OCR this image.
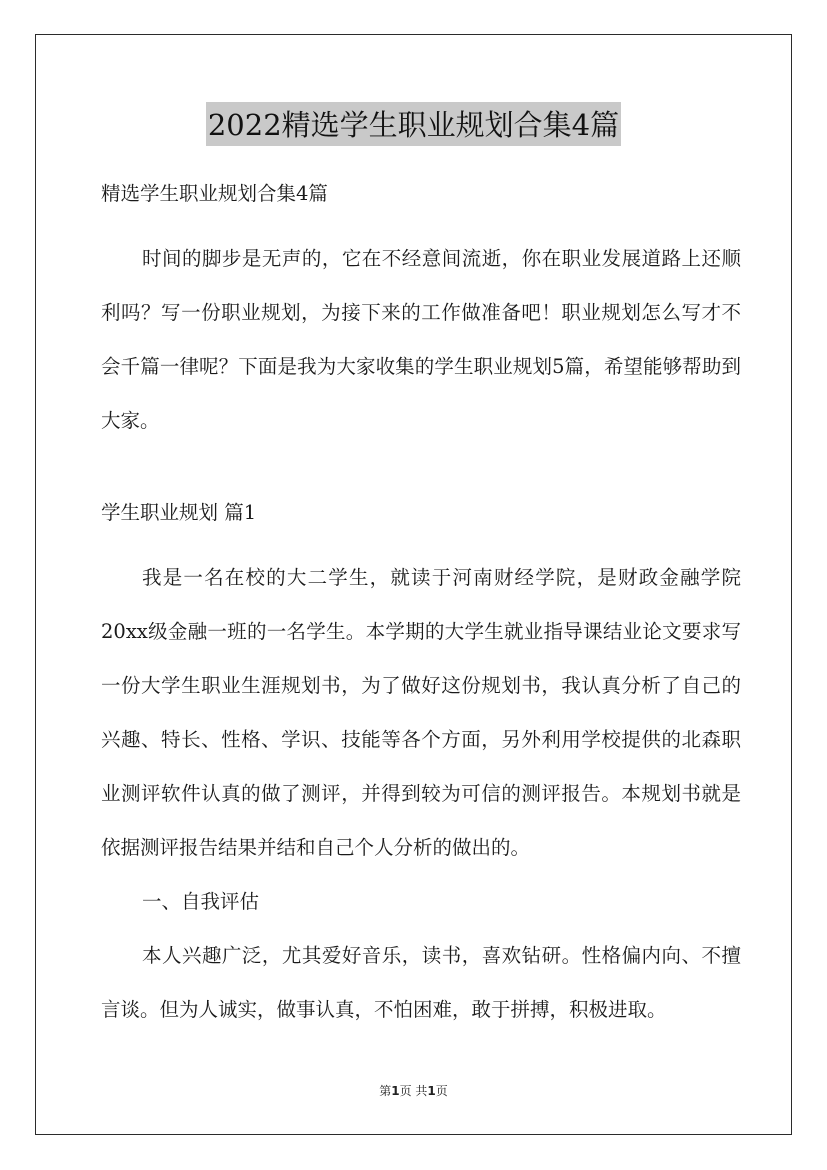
2022精选学生职业规划合集4篇

精选学生职业规划合集4篇

时间的脚步是无声的，它在不经意间流逝，你在职业发展道路上还顺利吗？写一份职业规划，为接下来的工作做准备吧！职业规划怎么写才不会千篇一律呢？下面是我为大家收集的学生职业规划5篇，希望能够帮助到大家。

学生职业规划 篇1

我是一名在校的大二学生，就读于河南财经学院，是财政金融学院20xx级金融一班的一名学生。本学期的大学生就业指导课结业论文要求写一份大学生职业生涯规划书，为了做好这份规划书，我认真分析了自己的兴趣、特长、性格、学识、技能等各个方面，另外利用学校提供的北森职业测评软件认真的做了测评，并得到较为可信的测评报告。本规划书就是依据测评报告结果并结和自己个人分析的做出的。

一、自我评估

本人兴趣广泛，尤其爱好音乐，读书，喜欢钻研。性格偏内向、不擅言谈。但为人诚实，做事认真，不怕困难，敢于拼搏，积极进取。

第1页 共1页
